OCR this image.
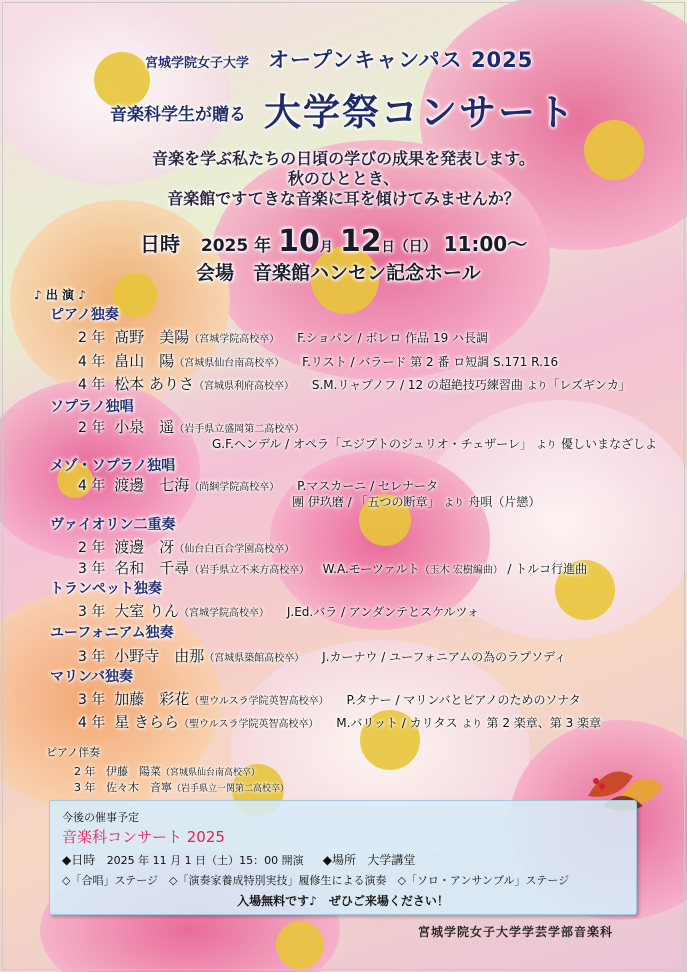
宮城学院女子大学 オープンキャンパス 2025
音楽科学生が贈る 大学祭コンサート
音楽を学ぶ私たちの日頃の学びの成果を発表します。
秋のひととき、
音楽館ですてきな音楽に耳を傾けてみませんか？
日時 2025 年 10月 12日（日） 11:00〜
会場　音楽館ハンセン記念ホール
♪ 出 演 ♪
ピアノ独奏
2 年 髙野　美陽（宮城学院高校卒） F.ショパン / ボレロ 作品 19 ハ長調
4 年 畠山　陽（宮城県仙台南高校卒） F.リスト / バラード 第 2 番 ロ短調 S.171 R.16
4 年 松本 ありさ（宮城県利府高校卒） S.M.リャプノフ / 12 の超絶技巧練習曲 より「レズギンカ」
ソプラノ独唱
2 年 小泉　遥（岩手県立盛岡第二高校卒）
G.F.ヘンデル / オペラ「エジプトのジュリオ・チェザーレ」 より 優しいまなざしよ
メゾ・ソプラノ独唱
4 年 渡邊　七海（尚絅学院高校卒） P.マスカーニ / セレナータ
團 伊玖磨 / 「五つの断章」 より 舟唄（片戀）
ヴァイオリン二重奏
2 年 渡邊　冴（仙台白百合学園高校卒）
3 年 名和　千尋（岩手県立不来方高校卒） W.A.モーツァルト（玉木 宏樹編曲） / トルコ行進曲
トランペット独奏
3 年 大室 りん（宮城学院高校卒） J.Ed.バラ / アンダンテとスケルツォ
ユーフォニアム独奏
3 年 小野寺　由那（宮城県築館高校卒） J.カーナウ / ユーフォニアムの為のラプソディ
マリンバ独奏
3 年 加藤　彩花（聖ウルスラ学院英智高校卒） P.タナー / マリンバとピアノのためのソナタ
4 年 星 きらら（聖ウルスラ学院英智高校卒） M.バリット / カリタス より 第 2 楽章、第 3 楽章
ピアノ伴奏
2 年 伊藤　陽菜（宮城県仙台南高校卒）
3 年 佐々木　音寧（岩手県立一関第二高校卒）
今後の催事予定
音楽科コンサート 2025
◆日時 2025 年 11 月 1 日（土）15：00 開演 ◆場所 大学講堂
◇「合唱」ステージ　◇「演奏家養成特別実技」履修生による演奏　◇「ソロ・アンサンブル」ステージ
入場無料です♪　ぜひご来場ください！
宮城学院女子大学学芸学部音楽科
